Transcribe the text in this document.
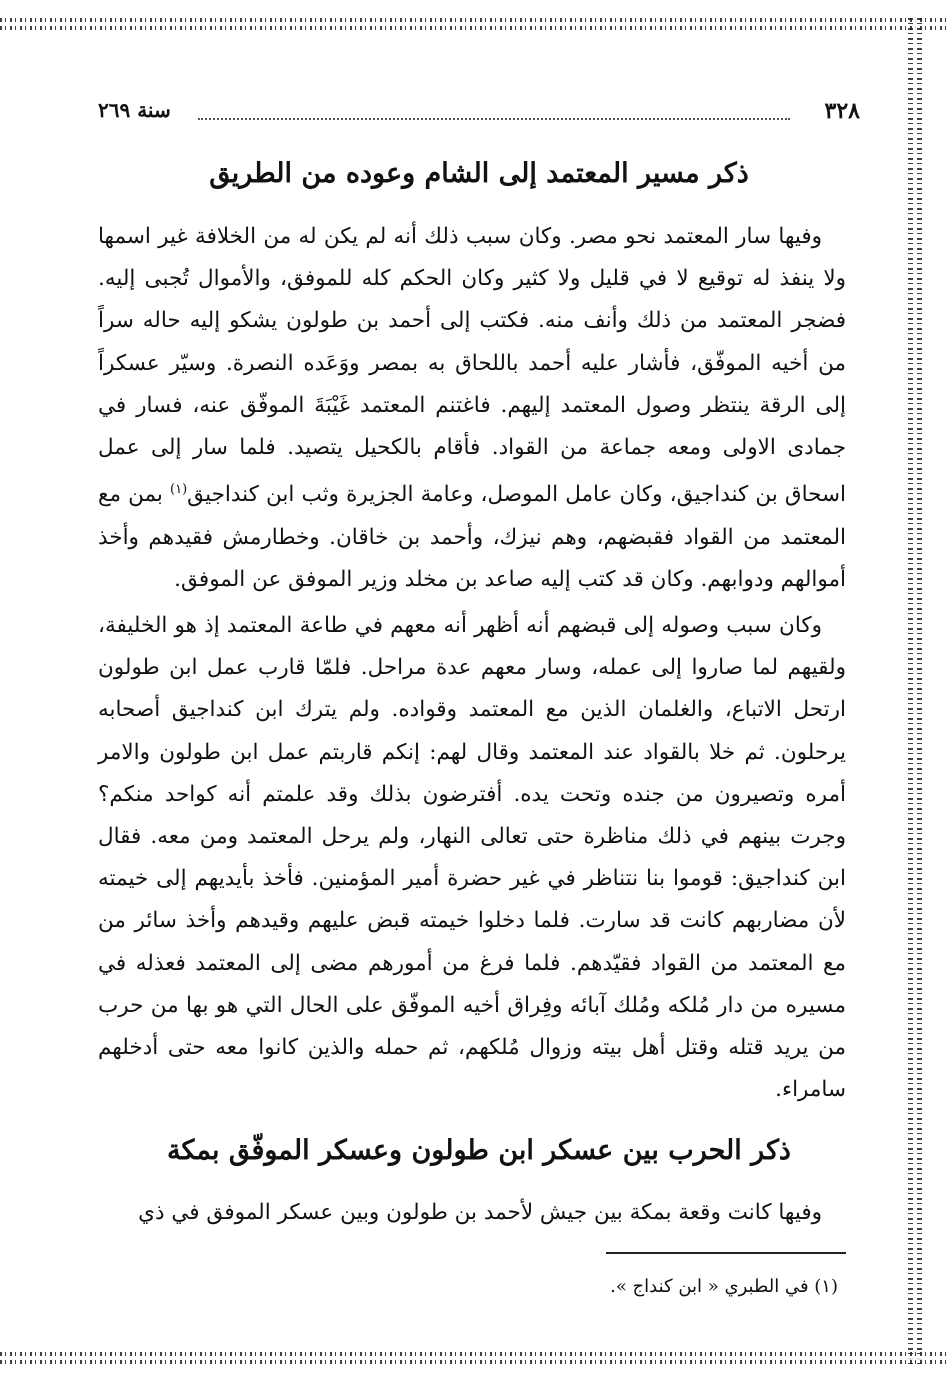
٣٢٨
سنة ٢٦٩
ذكر مسير المعتمد إلى الشام وعوده من الطريق
وفيها سار المعتمد نحو مصر. وكان سبب ذلك أنه لم يكن له من الخلافة غير اسمها ولا ينفذ له توقيع لا في قليل ولا كثير وكان الحكم كله للموفق، والأموال تُجبى إليه. فضجر المعتمد من ذلك وأنف منه. فكتب إلى أحمد بن طولون يشكو إليه حاله سراً من أخيه الموفّق، فأشار عليه أحمد باللحاق به بمصر ووَعَده النصرة. وسيّر عسكراً إلى الرقة ينتظر وصول المعتمد إليهم. فاغتنم المعتمد غَيْبَةَ الموفّق عنه، فسار في جمادى الاولى ومعه جماعة من القواد. فأقام بالكحيل يتصيد. فلما سار إلى عمل اسحاق بن كنداجيق، وكان عامل الموصل، وعامة الجزيرة وثب ابن كنداجيق$^{(١)}$ بمن مع المعتمد من القواد فقبضهم، وهم نيزك، وأحمد بن خاقان. وخطارمش فقيدهم وأخذ أموالهم ودوابهم. وكان قد كتب إليه صاعد بن مخلد وزير الموفق عن الموفق.
وكان سبب وصوله إلى قبضهم أنه أظهر أنه معهم في طاعة المعتمد إذ هو الخليفة، ولقيهم لما صاروا إلى عمله، وسار معهم عدة مراحل. فلمّا قارب عمل ابن طولون ارتحل الاتباع، والغلمان الذين مع المعتمد وقواده. ولم يترك ابن كنداجيق أصحابه يرحلون. ثم خلا بالقواد عند المعتمد وقال لهم: إنكم قاربتم عمل ابن طولون والامر أمره وتصيرون من جنده وتحت يده. أفترضون بذلك وقد علمتم أنه كواحد منكم؟ وجرت بينهم في ذلك مناظرة حتى تعالى النهار، ولم يرحل المعتمد ومن معه. فقال ابن كنداجيق: قوموا بنا نتناظر في غير حضرة أمير المؤمنين. فأخذ بأيديهم إلى خيمته لأن مضاربهم كانت قد سارت. فلما دخلوا خيمته قبض عليهم وقيدهم وأخذ سائر من مع المعتمد من القواد فقيّدهم. فلما فرغ من أمورهم مضى إلى المعتمد فعذله في مسيره من دار مُلكه ومُلك آبائه وفِراق أخيه الموفّق على الحال التي هو بها من حرب من يريد قتله وقتل أهل بيته وزوال مُلكهم، ثم حمله والذين كانوا معه حتى أدخلهم سامراء.
ذكر الحرب بين عسكر ابن طولون وعسكر الموفّق بمكة
وفيها كانت وقعة بمكة بين جيش لأحمد بن طولون وبين عسكر الموفق في ذي
(١) في الطبري « ابن كنداج ».
